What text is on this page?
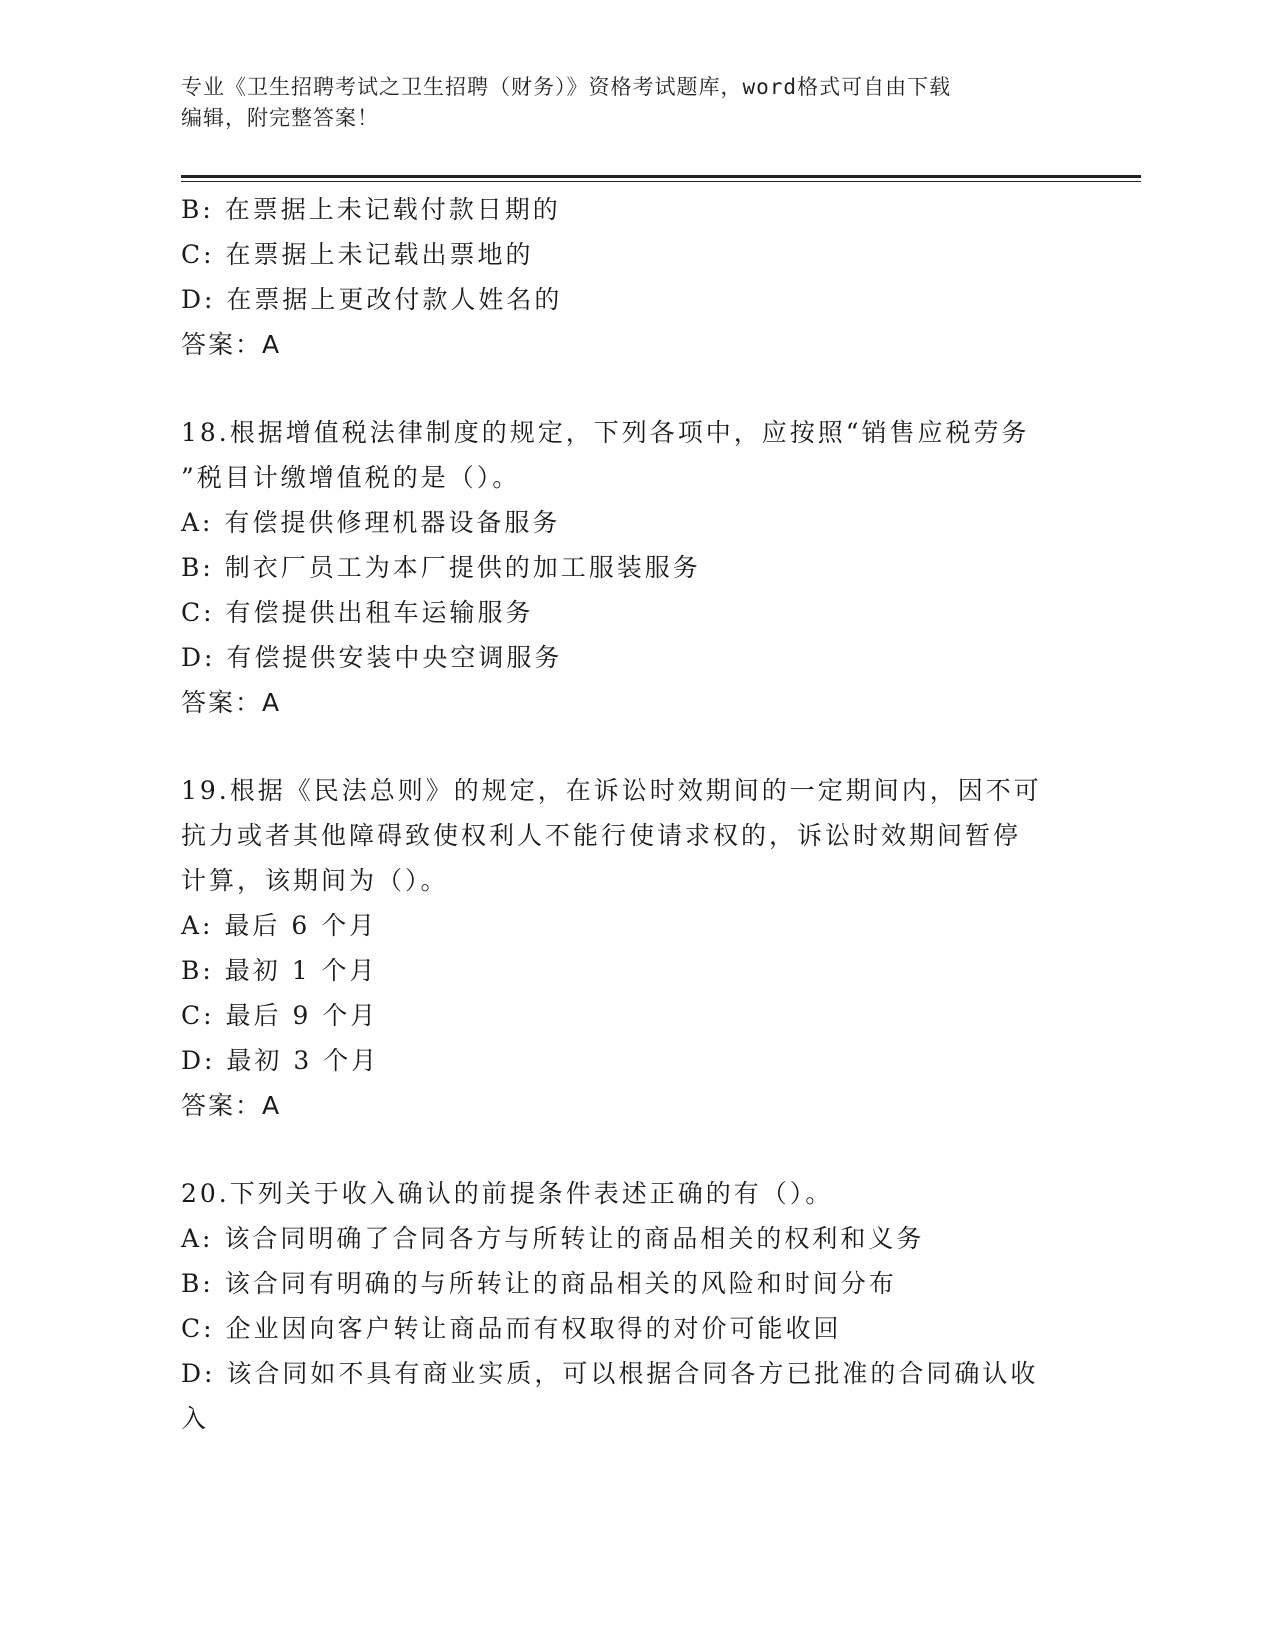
专业《卫生招聘考试之卫生招聘（财务）》资格考试题库，word格式可自由下载
编辑，附完整答案！
B: 在票据上未记载付款日期的
C: 在票据上未记载出票地的
D: 在票据上更改付款人姓名的
答案：A
18.根据增值税法律制度的规定，下列各项中，应按照“销售应税劳务
”税目计缴增值税的是（）。
A: 有偿提供修理机器设备服务
B: 制衣厂员工为本厂提供的加工服装服务
C: 有偿提供出租车运输服务
D: 有偿提供安装中央空调服务
答案：A
19.根据《民法总则》的规定，在诉讼时效期间的一定期间内，因不可
抗力或者其他障碍致使权利人不能行使请求权的，诉讼时效期间暂停
计算，该期间为（）。
A: 最后 6 个月
B: 最初 1 个月
C: 最后 9 个月
D: 最初 3 个月
答案：A
20.下列关于收入确认的前提条件表述正确的有（）。
A: 该合同明确了合同各方与所转让的商品相关的权利和义务
B: 该合同有明确的与所转让的商品相关的风险和时间分布
C: 企业因向客户转让商品而有权取得的对价可能收回
D: 该合同如不具有商业实质，可以根据合同各方已批准的合同确认收
入
